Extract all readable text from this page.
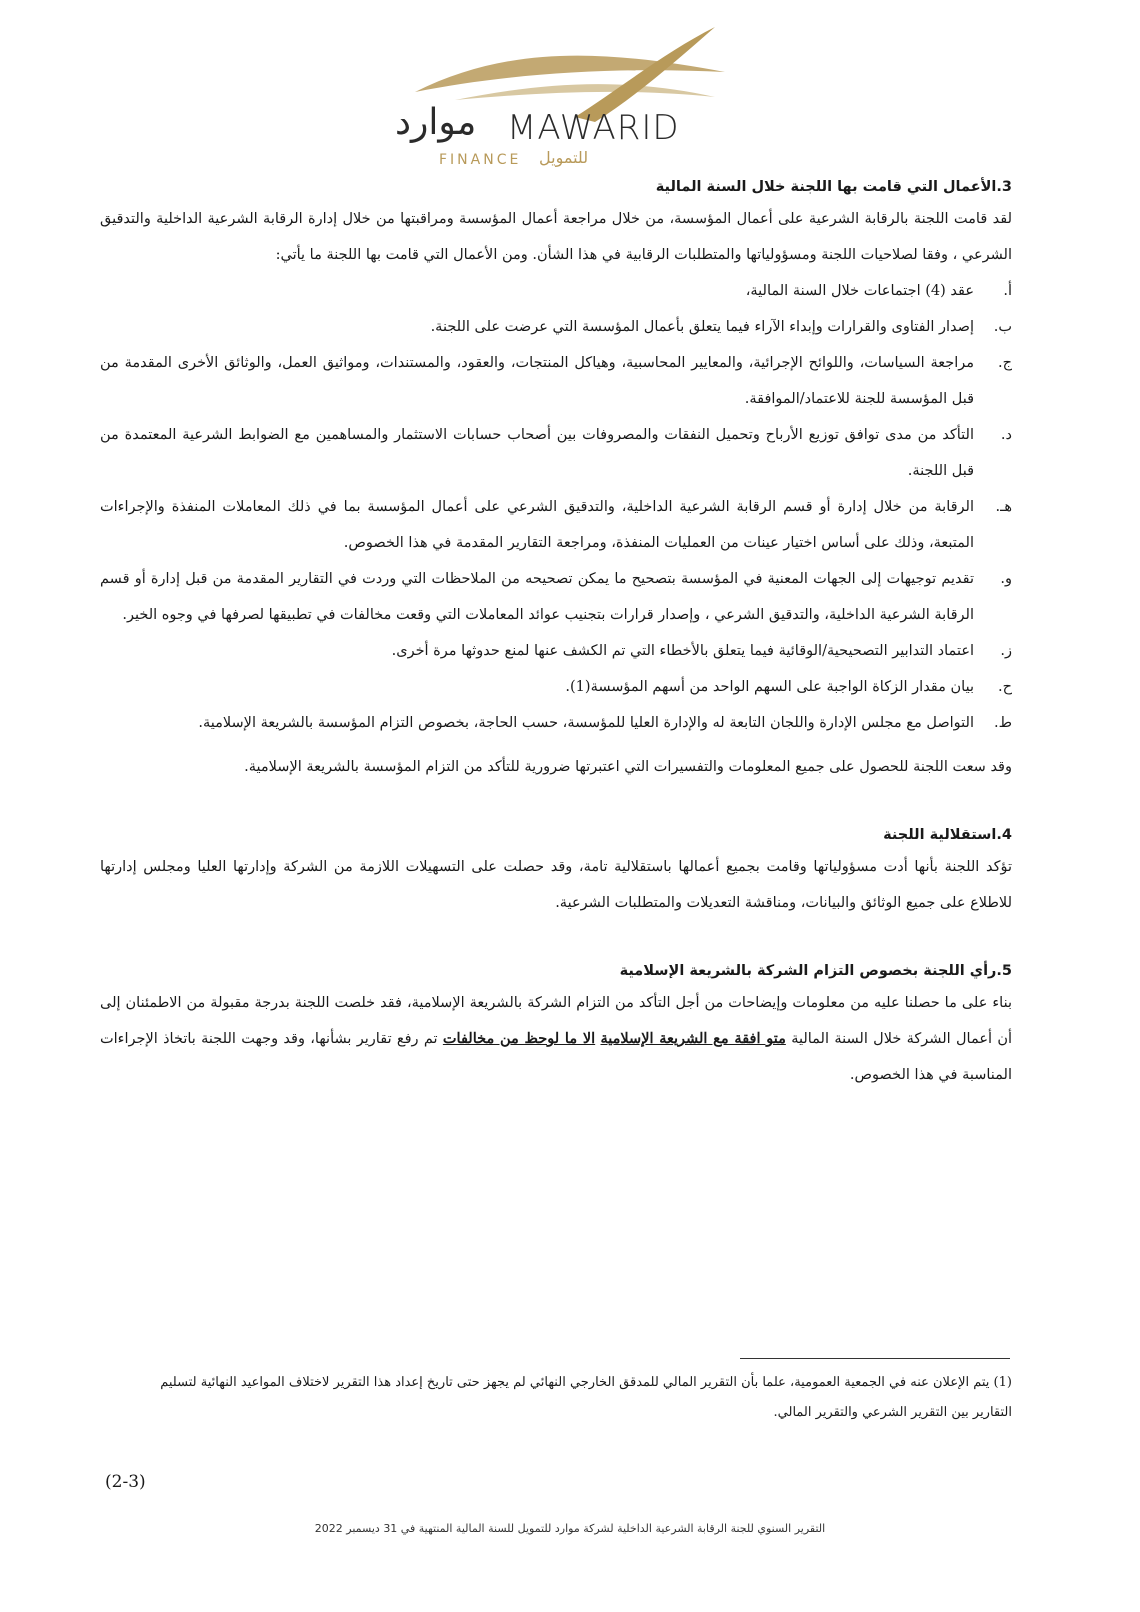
موارد MAWARID
FINANCE للتمويل
3.الأعمال التي قامت بها اللجنة خلال السنة المالية

لقد قامت اللجنة بالرقابة الشرعية على أعمال المؤسسة، من خلال مراجعة أعمال المؤسسة ومراقبتها من خلال إدارة الرقابة الشرعية الداخلية والتدقيق الشرعي ، وفقا لصلاحيات اللجنة ومسؤولياتها والمتطلبات الرقابية في هذا الشأن. ومن الأعمال التي قامت بها اللجنة ما يأتي:

أ.
عقد (4) اجتماعات خلال السنة المالية،
ب.
إصدار الفتاوى والقرارات وإبداء الآراء فيما يتعلق بأعمال المؤسسة التي عرضت على اللجنة.
ج.
مراجعة السياسات، واللوائح الإجرائية، والمعايير المحاسبية، وهياكل المنتجات، والعقود، والمستندات، ومواثيق العمل، والوثائق الأخرى المقدمة من قبل المؤسسة للجنة للاعتماد/الموافقة.
د.
التأكد من مدى توافق توزيع الأرباح وتحميل النفقات والمصروفات بين أصحاب حسابات الاستثمار والمساهمين مع الضوابط الشرعية المعتمدة من قبل اللجنة.
هـ.
الرقابة من خلال إدارة أو قسم الرقابة الشرعية الداخلية، والتدقيق الشرعي على أعمال المؤسسة بما في ذلك المعاملات المنفذة والإجراءات المتبعة، وذلك على أساس اختيار عينات من العمليات المنفذة، ومراجعة التقارير المقدمة في هذا الخصوص.
و.
تقديم توجيهات إلى الجهات المعنية في المؤسسة بتصحيح ما يمكن تصحيحه من الملاحظات التي وردت في التقارير المقدمة من قبل إدارة أو قسم الرقابة الشرعية الداخلية، والتدقيق الشرعي ، وإصدار قرارات بتجنيب عوائد المعاملات التي وقعت مخالفات في تطبيقها لصرفها في وجوه الخير.
ز.
اعتماد التدابير التصحيحية/الوقائية فيما يتعلق بالأخطاء التي تم الكشف عنها لمنع حدوثها مرة أخرى.
ح.
بيان مقدار الزكاة الواجبة على السهم الواحد من أسهم المؤسسة(1).
ط.
التواصل مع مجلس الإدارة واللجان التابعة له والإدارة العليا للمؤسسة، حسب الحاجة، بخصوص التزام المؤسسة بالشريعة الإسلامية.

وقد سعت اللجنة للحصول على جميع المعلومات والتفسيرات التي اعتبرتها ضرورية للتأكد من التزام المؤسسة بالشريعة الإسلامية.

4.استقلالية اللجنة

تؤكد اللجنة بأنها أدت مسؤولياتها وقامت بجميع أعمالها باستقلالية تامة، وقد حصلت على التسهيلات اللازمة من الشركة وإدارتها العليا ومجلس إدارتها للاطلاع على جميع الوثائق والبيانات، ومناقشة التعديلات والمتطلبات الشرعية.

5.رأي اللجنة بخصوص التزام الشركة بالشريعة الإسلامية

بناء على ما حصلنا عليه من معلومات وإيضاحات من أجل التأكد من التزام الشركة بالشريعة الإسلامية، فقد خلصت اللجنة بدرجة مقبولة من الاطمئنان إلى أن أعمال الشركة خلال السنة المالية متو افقة مع الشريعة الإسلامية الا ما لوحظ من مخالفات تم رفع تقارير بشأنها، وقد وجهت اللجنة باتخاذ الإجراءات المناسبة في هذا الخصوص.

(1) يتم الإعلان عنه في الجمعية العمومية، علما بأن التقرير المالي للمدقق الخارجي النهائي لم يجهز حتى تاريخ إعداد هذا التقرير لاختلاف المواعيد النهائية لتسليم التقارير بين التقرير الشرعي والتقرير المالي.
(2-3)
التقرير السنوي للجنة الرقابة الشرعية الداخلية لشركة موارد للتمويل للسنة المالية المنتهية في 31 ديسمبر 2022
